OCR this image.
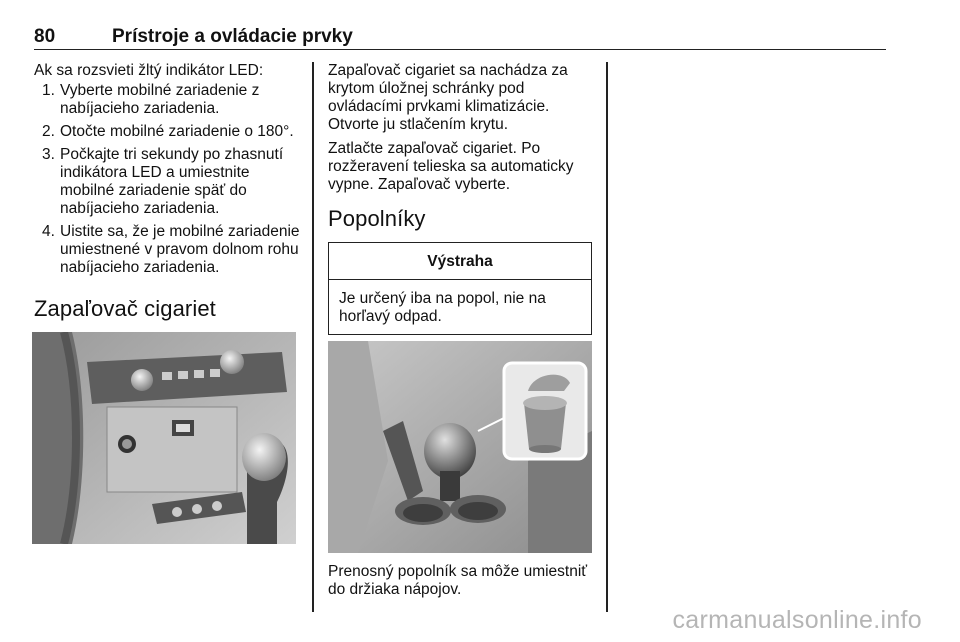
80	Prístroje a ovládacie prvky

Ak sa rozsvieti žltý indikátor LED:

1. Vyberte mobilné zariadenie z nabíjacieho zariadenia.
2. Otočte mobilné zariadenie o 180°.
3. Počkajte tri sekundy po zhasnutí indikátora LED a umiestnite mobilné zariadenie späť do nabíjacieho zariadenia.
4. Uistite sa, že je mobilné zariadenie umiestnené v pravom dolnom rohu nabíjacieho zariadenia.
Zapaľovač cigariet

Zapaľovač cigariet sa nachádza za krytom úložnej schránky pod ovládacími prvkami klimatizácie. Otvorte ju stlačením krytu.

Zatlačte zapaľovač cigariet. Po rozžeravení telieska sa automaticky vypne. Zapaľovač vyberte.

Popolníky
Výstraha
Je určený iba na popol, nie na horľavý odpad.

Prenosný popolník sa môže umiestniť do držiaka nápojov.

carmanualsonline.info
